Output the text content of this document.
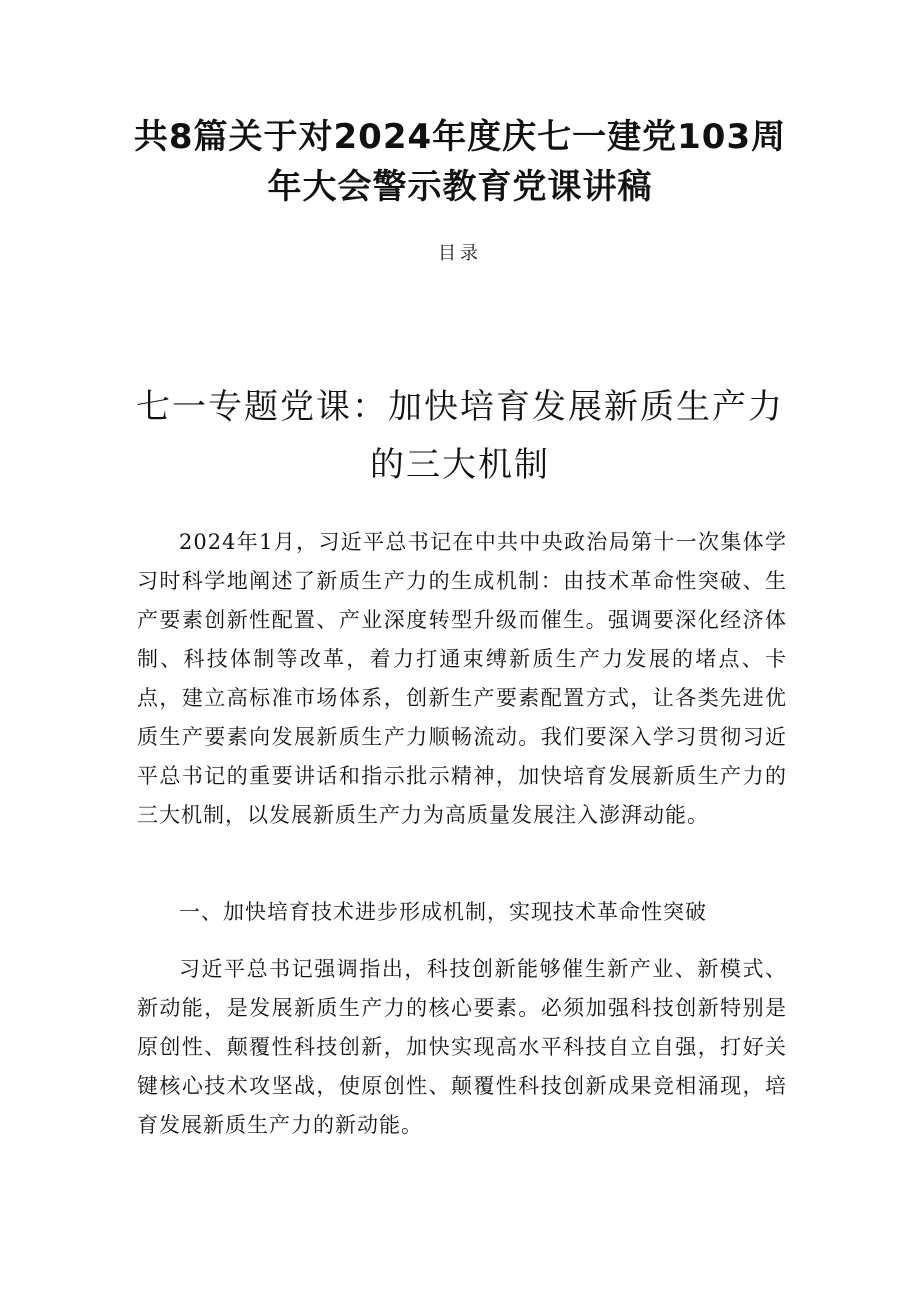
共8篇关于对2024年度庆七一建党103周
年大会警示教育党课讲稿

目录

七一专题党课：加快培育发展新质生产力
的三大机制

2024年1月，习近平总书记在中共中央政治局第十一次集体学习时科学地阐述了新质生产力的生成机制：由技术革命性突破、生产要素创新性配置、产业深度转型升级而催生。强调要深化经济体制、科技体制等改革，着力打通束缚新质生产力发展的堵点、卡点，建立高标准市场体系，创新生产要素配置方式，让各类先进优质生产要素向发展新质生产力顺畅流动。我们要深入学习贯彻习近平总书记的重要讲话和指示批示精神，加快培育发展新质生产力的三大机制，以发展新质生产力为高质量发展注入澎湃动能。

一、加快培育技术进步形成机制，实现技术革命性突破

习近平总书记强调指出，科技创新能够催生新产业、新模式、新动能，是发展新质生产力的核心要素。必须加强科技创新特别是原创性、颠覆性科技创新，加快实现高水平科技自立自强，打好关键核心技术攻坚战，使原创性、颠覆性科技创新成果竞相涌现，培育发展新质生产力的新动能。
